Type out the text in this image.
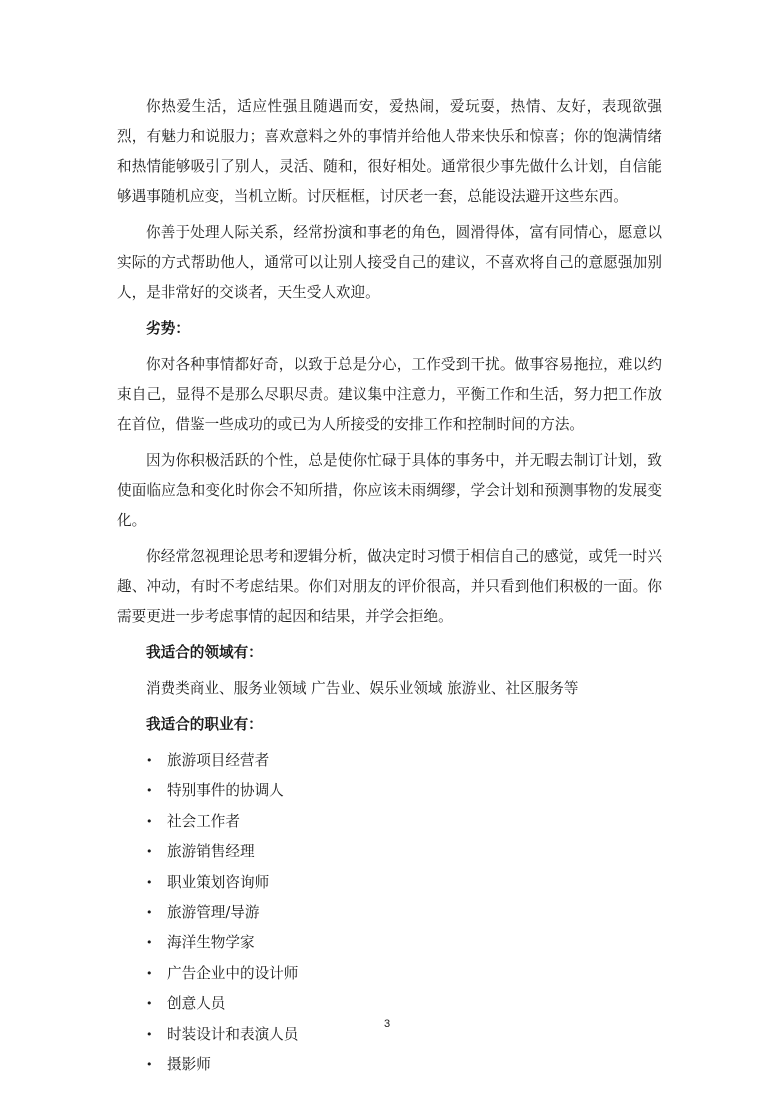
你热爱生活，适应性强且随遇而安，爱热闹，爱玩耍，热情、友好，表现欲强烈，有魅力和说服力；喜欢意料之外的事情并给他人带来快乐和惊喜；你的饱满情绪和热情能够吸引了别人，灵活、随和，很好相处。通常很少事先做什么计划，自信能够遇事随机应变，当机立断。讨厌框框，讨厌老一套，总能设法避开这些东西。

你善于处理人际关系，经常扮演和事老的角色，圆滑得体，富有同情心，愿意以实际的方式帮助他人，通常可以让别人接受自己的建议，不喜欢将自己的意愿强加别人，是非常好的交谈者，天生受人欢迎。

劣势：

你对各种事情都好奇，以致于总是分心，工作受到干扰。做事容易拖拉，难以约束自己，显得不是那么尽职尽责。建议集中注意力，平衡工作和生活，努力把工作放在首位，借鉴一些成功的或已为人所接受的安排工作和控制时间的方法。

因为你积极活跃的个性，总是使你忙碌于具体的事务中，并无暇去制订计划，致使面临应急和变化时你会不知所措，你应该未雨绸缪，学会计划和预测事物的发展变化。

你经常忽视理论思考和逻辑分析，做决定时习惯于相信自己的感觉，或凭一时兴趣、冲动，有时不考虑结果。你们对朋友的评价很高，并只看到他们积极的一面。你需要更进一步考虑事情的起因和结果，并学会拒绝。

我适合的领域有：
消费类商业、服务业领域 广告业、娱乐业领域 旅游业、社区服务等
我适合的职业有：
• 旅游项目经营者
• 特别事件的协调人
• 社会工作者
• 旅游销售经理
• 职业策划咨询师
• 旅游管理/导游
• 海洋生物学家
• 广告企业中的设计师
• 创意人员
• 时装设计和表演人员
• 摄影师
3
